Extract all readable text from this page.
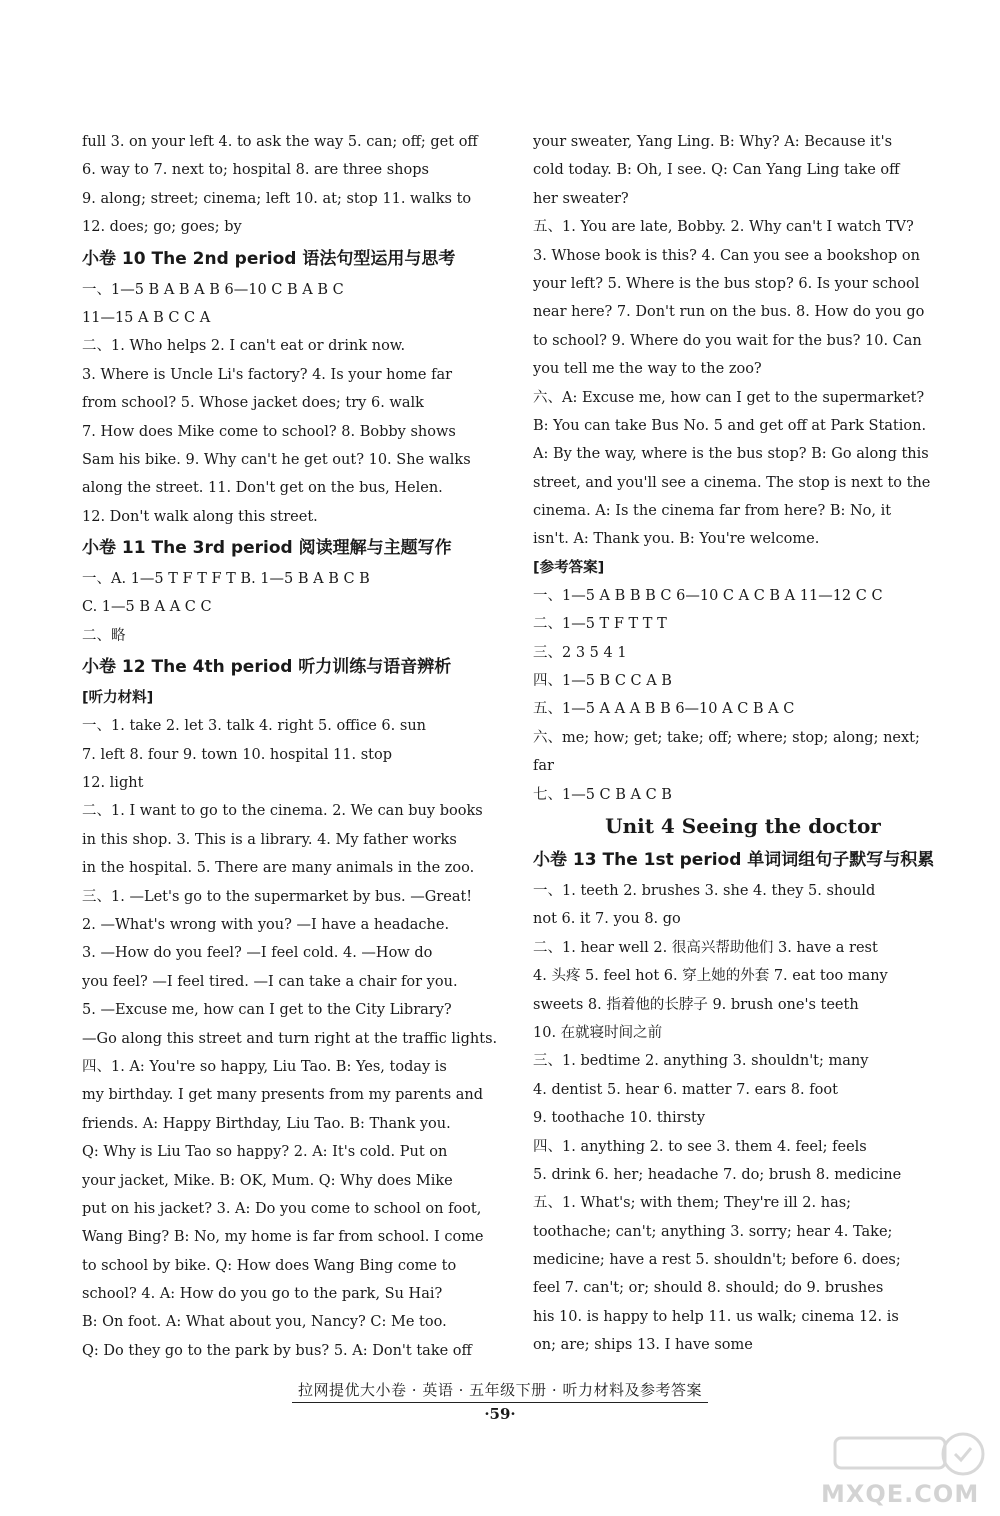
full 3. on your left 4. to ask the way 5. can; off; get off
6. way to 7. next to; hospital 8. are three shops
9. along; street; cinema; left 10. at; stop 11. walks to
12. does; go; goes; by
小卷 10 The 2nd period 语法句型运用与思考
一、1—5 B A B A B 6—10 C B A B C
11—15 A B C C A
二、1. Who helps 2. I can't eat or drink now.
3. Where is Uncle Li's factory? 4. Is your home far
from school? 5. Whose jacket does; try 6. walk
7. How does Mike come to school? 8. Bobby shows
Sam his bike. 9. Why can't he get out? 10. She walks
along the street. 11. Don't get on the bus, Helen.
12. Don't walk along this street.
小卷 11 The 3rd period 阅读理解与主题写作
一、A. 1—5 T F T F T B. 1—5 B A B C B
C. 1—5 B A A C C
二、略
小卷 12 The 4th period 听力训练与语音辨析
[听力材料]
一、1. take 2. let 3. talk 4. right 5. office 6. sun
7. left 8. four 9. town 10. hospital 11. stop
12. light
二、1. I want to go to the cinema. 2. We can buy books
in this shop. 3. This is a library. 4. My father works
in the hospital. 5. There are many animals in the zoo.
三、1. —Let's go to the supermarket by bus. —Great!
2. —What's wrong with you? —I have a headache.
3. —How do you feel? —I feel cold. 4. —How do
you feel? —I feel tired. —I can take a chair for you.
5. —Excuse me, how can I get to the City Library?
—Go along this street and turn right at the traffic lights.
四、1. A: You're so happy, Liu Tao. B: Yes, today is
my birthday. I get many presents from my parents and
friends. A: Happy Birthday, Liu Tao. B: Thank you.
Q: Why is Liu Tao so happy? 2. A: It's cold. Put on
your jacket, Mike. B: OK, Mum. Q: Why does Mike
put on his jacket? 3. A: Do you come to school on foot,
Wang Bing? B: No, my home is far from school. I come
to school by bike. Q: How does Wang Bing come to
school? 4. A: How do you go to the park, Su Hai?
B: On foot. A: What about you, Nancy? C: Me too.
Q: Do they go to the park by bus? 5. A: Don't take off
your sweater, Yang Ling. B: Why? A: Because it's
cold today. B: Oh, I see. Q: Can Yang Ling take off
her sweater?
五、1. You are late, Bobby. 2. Why can't I watch TV?
3. Whose book is this? 4. Can you see a bookshop on
your left? 5. Where is the bus stop? 6. Is your school
near here? 7. Don't run on the bus. 8. How do you go
to school? 9. Where do you wait for the bus? 10. Can
you tell me the way to the zoo?
六、A: Excuse me, how can I get to the supermarket?
B: You can take Bus No. 5 and get off at Park Station.
A: By the way, where is the bus stop? B: Go along this
street, and you'll see a cinema. The stop is next to the
cinema. A: Is the cinema far from here? B: No, it
isn't. A: Thank you. B: You're welcome.
[参考答案]
一、1—5 A B B B C 6—10 C A C B A 11—12 C C
二、1—5 T F T T T
三、2 3 5 4 1
四、1—5 B C C A B
五、1—5 A A A B B 6—10 A C B A C
六、me; how; get; take; off; where; stop; along; next;
far
七、1—5 C B A C B
Unit 4 Seeing the doctor
小卷 13 The 1st period 单词词组句子默写与积累
一、1. teeth 2. brushes 3. she 4. they 5. should
not 6. it 7. you 8. go
二、1. hear well 2. 很高兴帮助他们 3. have a rest
4. 头疼 5. feel hot 6. 穿上她的外套 7. eat too many
sweets 8. 指着他的长脖子 9. brush one's teeth
10. 在就寝时间之前
三、1. bedtime 2. anything 3. shouldn't; many
4. dentist 5. hear 6. matter 7. ears 8. foot
9. toothache 10. thirsty
四、1. anything 2. to see 3. them 4. feel; feels
5. drink 6. her; headache 7. do; brush 8. medicine
五、1. What's; with them; They're ill 2. has;
toothache; can't; anything 3. sorry; hear 4. Take;
medicine; have a rest 5. shouldn't; before 6. does;
feel 7. can't; or; should 8. should; do 9. brushes
his 10. is happy to help 11. us walk; cinema 12. is
on; are; ships 13. I have some
拉网提优大小卷 · 英语 · 五年级下册 · 听力材料及参考答案
·59·
MXQE.COM
